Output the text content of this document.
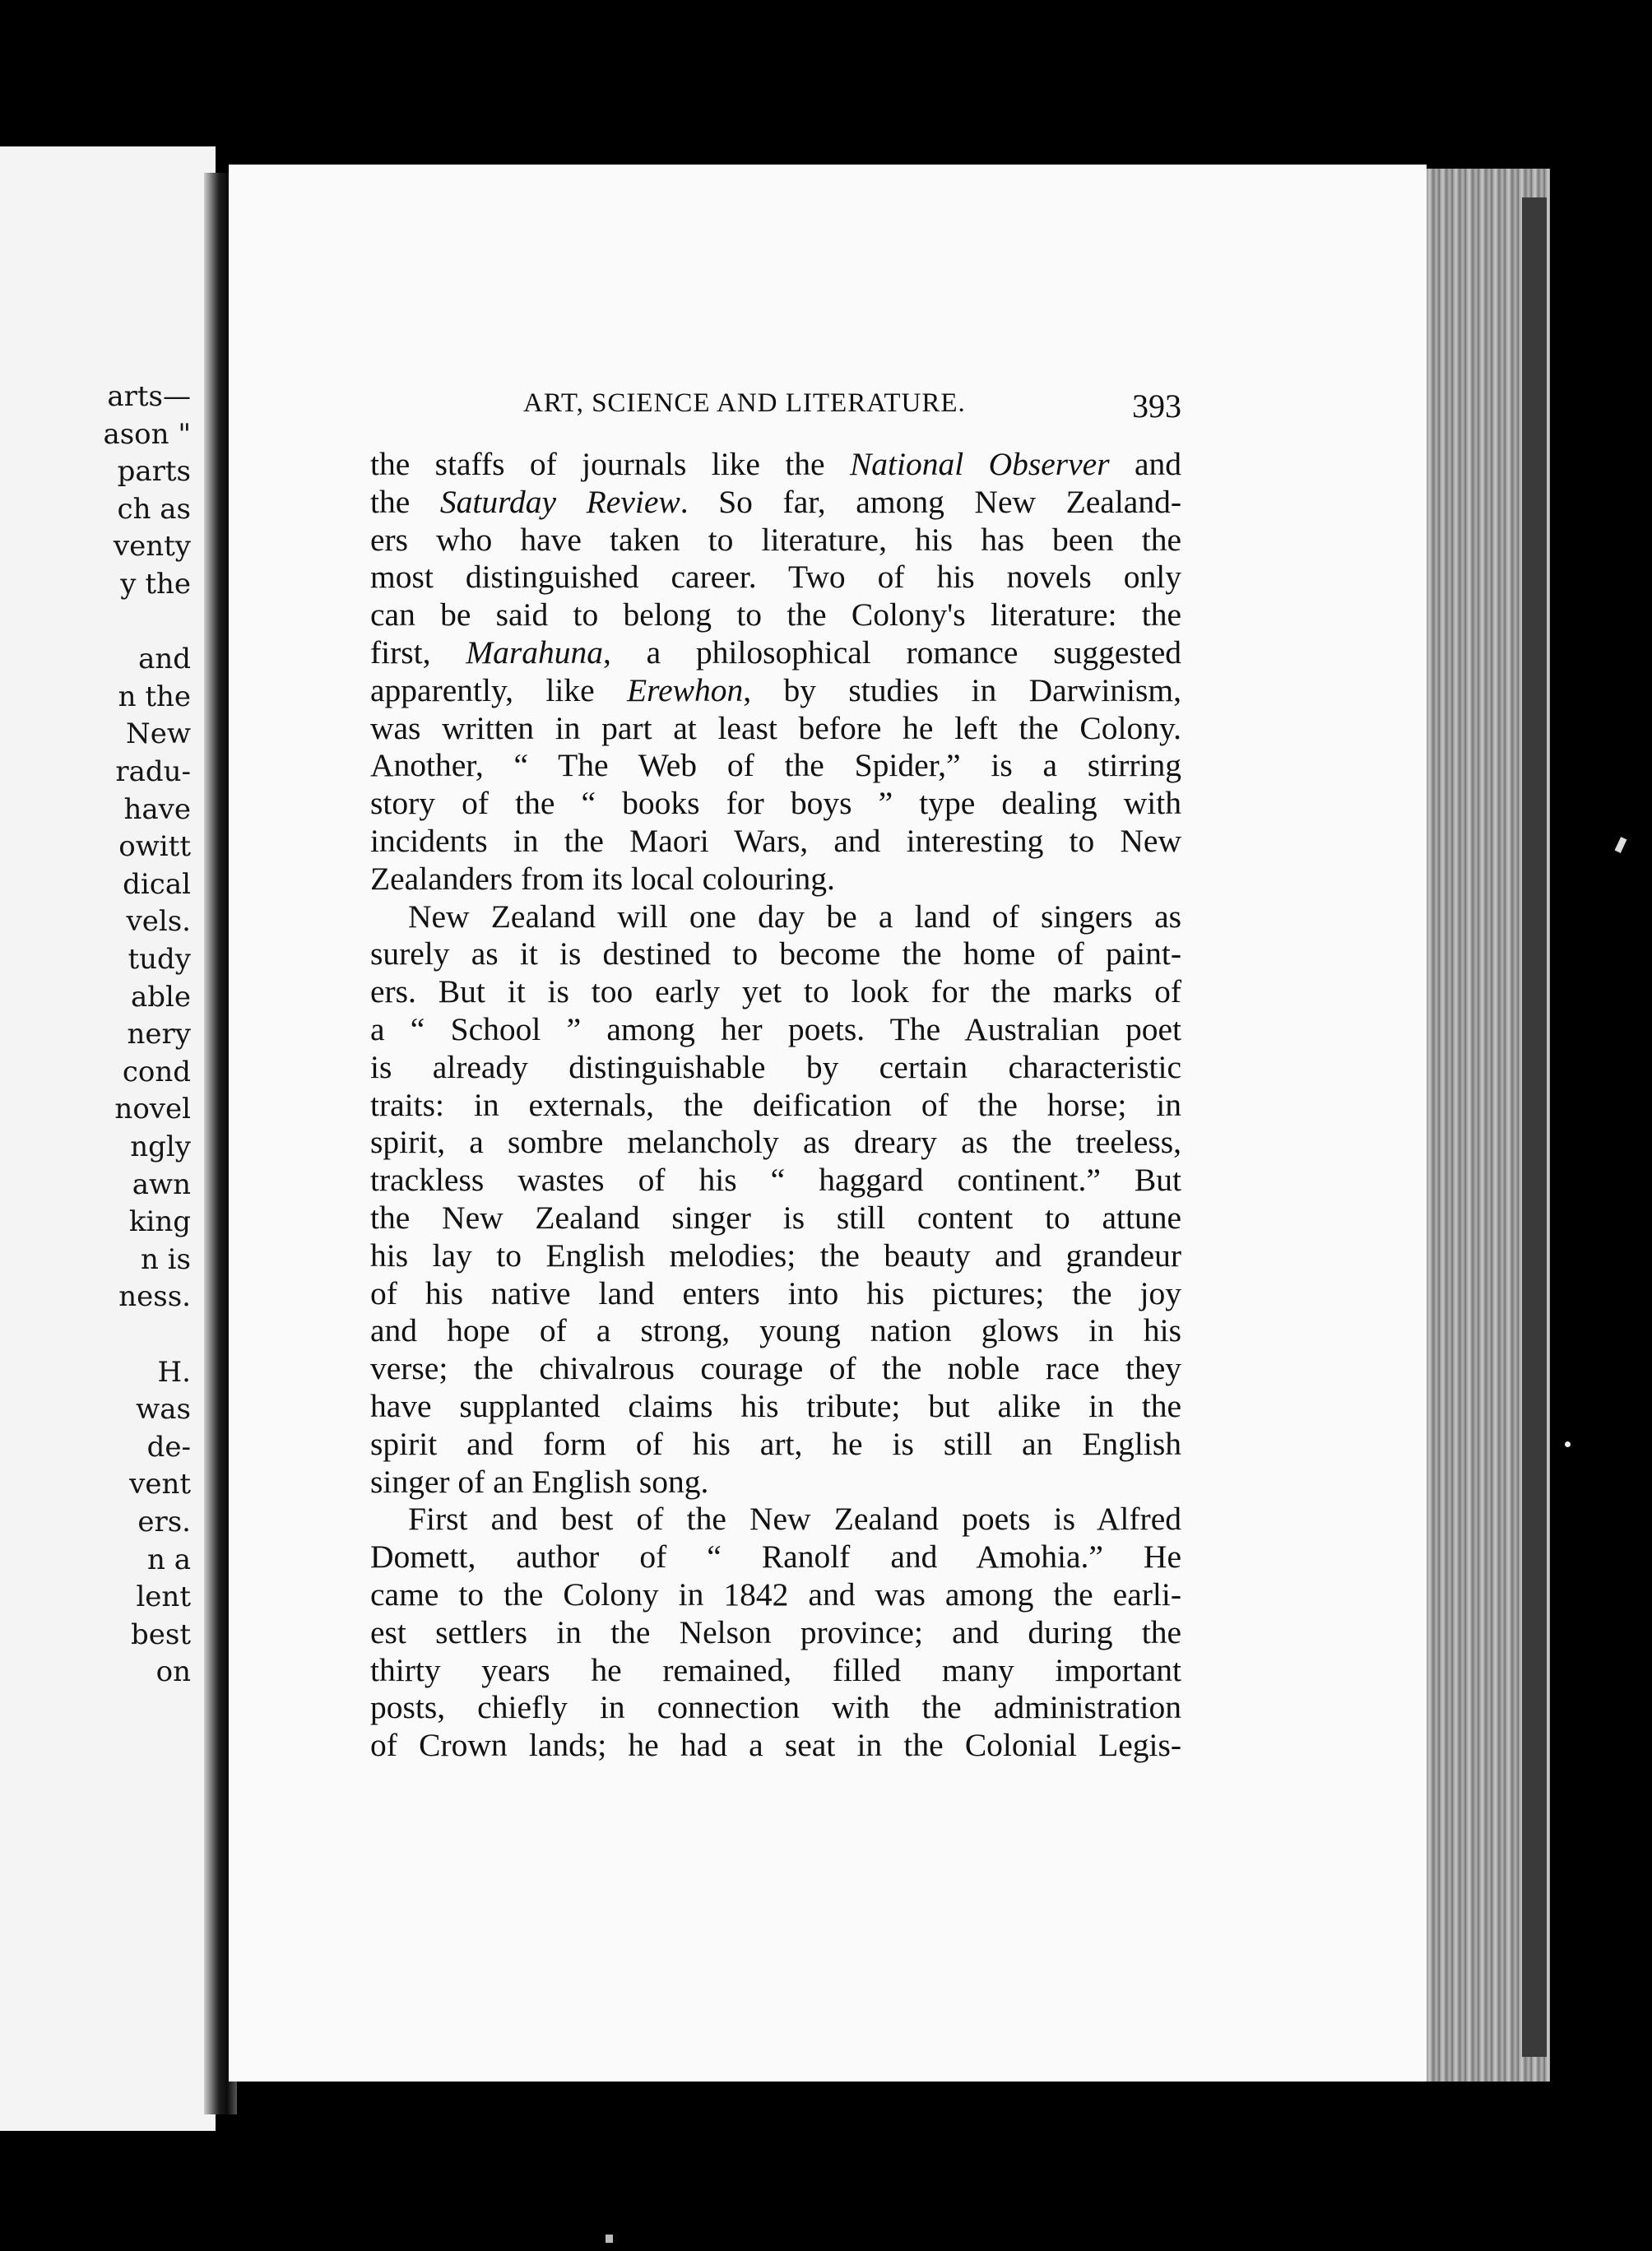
arts—
ason "
parts
ch as
venty
y the
and
n the
New
radu-
have
owitt
dical
vels.
tudy
able
nery
cond
novel
ngly
awn
king
n is
ness.
H.
was
de-
vent
ers.
n a
lent
best
on
ART, SCIENCE AND LITERATURE.	393
the staffs of journals like the National Observer and
the Saturday Review. So far, among New Zealand-
ers who have taken to literature, his has been the
most distinguished career. Two of his novels only
can be said to belong to the Colony's literature: the
first, Marahuna, a philosophical romance suggested
apparently, like Erewhon, by studies in Darwinism,
was written in part at least before he left the Colony.
Another, “ The Web of the Spider,” is a stirring
story of the “ books for boys ” type dealing with
incidents in the Maori Wars, and interesting to New
Zealanders from its local colouring.
New Zealand will one day be a land of singers as
surely as it is destined to become the home of paint-
ers. But it is too early yet to look for the marks of
a “ School ” among her poets. The Australian poet
is already distinguishable by certain characteristic
traits: in externals, the deification of the horse; in
spirit, a sombre melancholy as dreary as the treeless,
trackless wastes of his “ haggard continent.” But
the New Zealand singer is still content to attune
his lay to English melodies; the beauty and grandeur
of his native land enters into his pictures; the joy
and hope of a strong, young nation glows in his
verse; the chivalrous courage of the noble race they
have supplanted claims his tribute; but alike in the
spirit and form of his art, he is still an English
singer of an English song.
First and best of the New Zealand poets is Alfred
Domett, author of “ Ranolf and Amohia.” He
came to the Colony in 1842 and was among the earli-
est settlers in the Nelson province; and during the
thirty years he remained, filled many important
posts, chiefly in connection with the administration
of Crown lands; he had a seat in the Colonial Legis-
